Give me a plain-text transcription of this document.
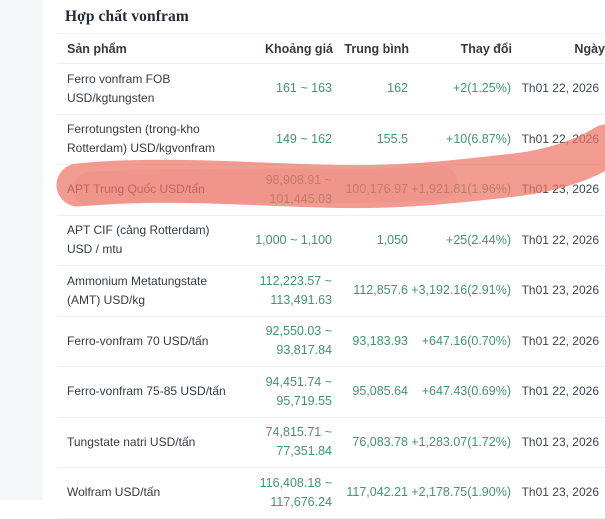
Hợp chất vonfram
Sản phẩm	Khoảng giá	Trung bình	Thay đổi	Ngày
Ferro vonfram FOB USD/kgtungsten	161 ~ 163	162	+2(1.25%)	Th01 22, 2026
Ferrotungsten (trong-kho Rotterdam) USD/kgvonfram	149 ~ 162	155.5	+10(6.87%)	Th01 22, 2026
APT Trung Quốc USD/tấn	98,908.91 ~ 101,445.03	100,176.97	+1,921.81(1.96%)	Th01 23, 2026
APT CIF (cảng Rotterdam) USD / mtu	1,000 ~ 1,100	1,050	+25(2.44%)	Th01 22, 2026
Ammonium Metatungstate (AMT) USD/kg	112,223.57 ~ 113,491.63	112,857.6	+3,192.16(2.91%)	Th01 23, 2026
Ferro-vonfram 70 USD/tấn	92,550.03 ~ 93,817.84	93,183.93	+647.16(0.70%)	Th01 22, 2026
Ferro-vonfram 75-85 USD/tấn	94,451.74 ~ 95,719.55	95,085.64	+647.43(0.69%)	Th01 22, 2026
Tungstate natri USD/tấn	74,815.71 ~ 77,351.84	76,083.78	+1,283.07(1.72%)	Th01 23, 2026
Wolfram USD/tấn	116,408.18 ~ 117,676.24	117,042.21	+2,178.75(1.90%)	Th01 23, 2026
